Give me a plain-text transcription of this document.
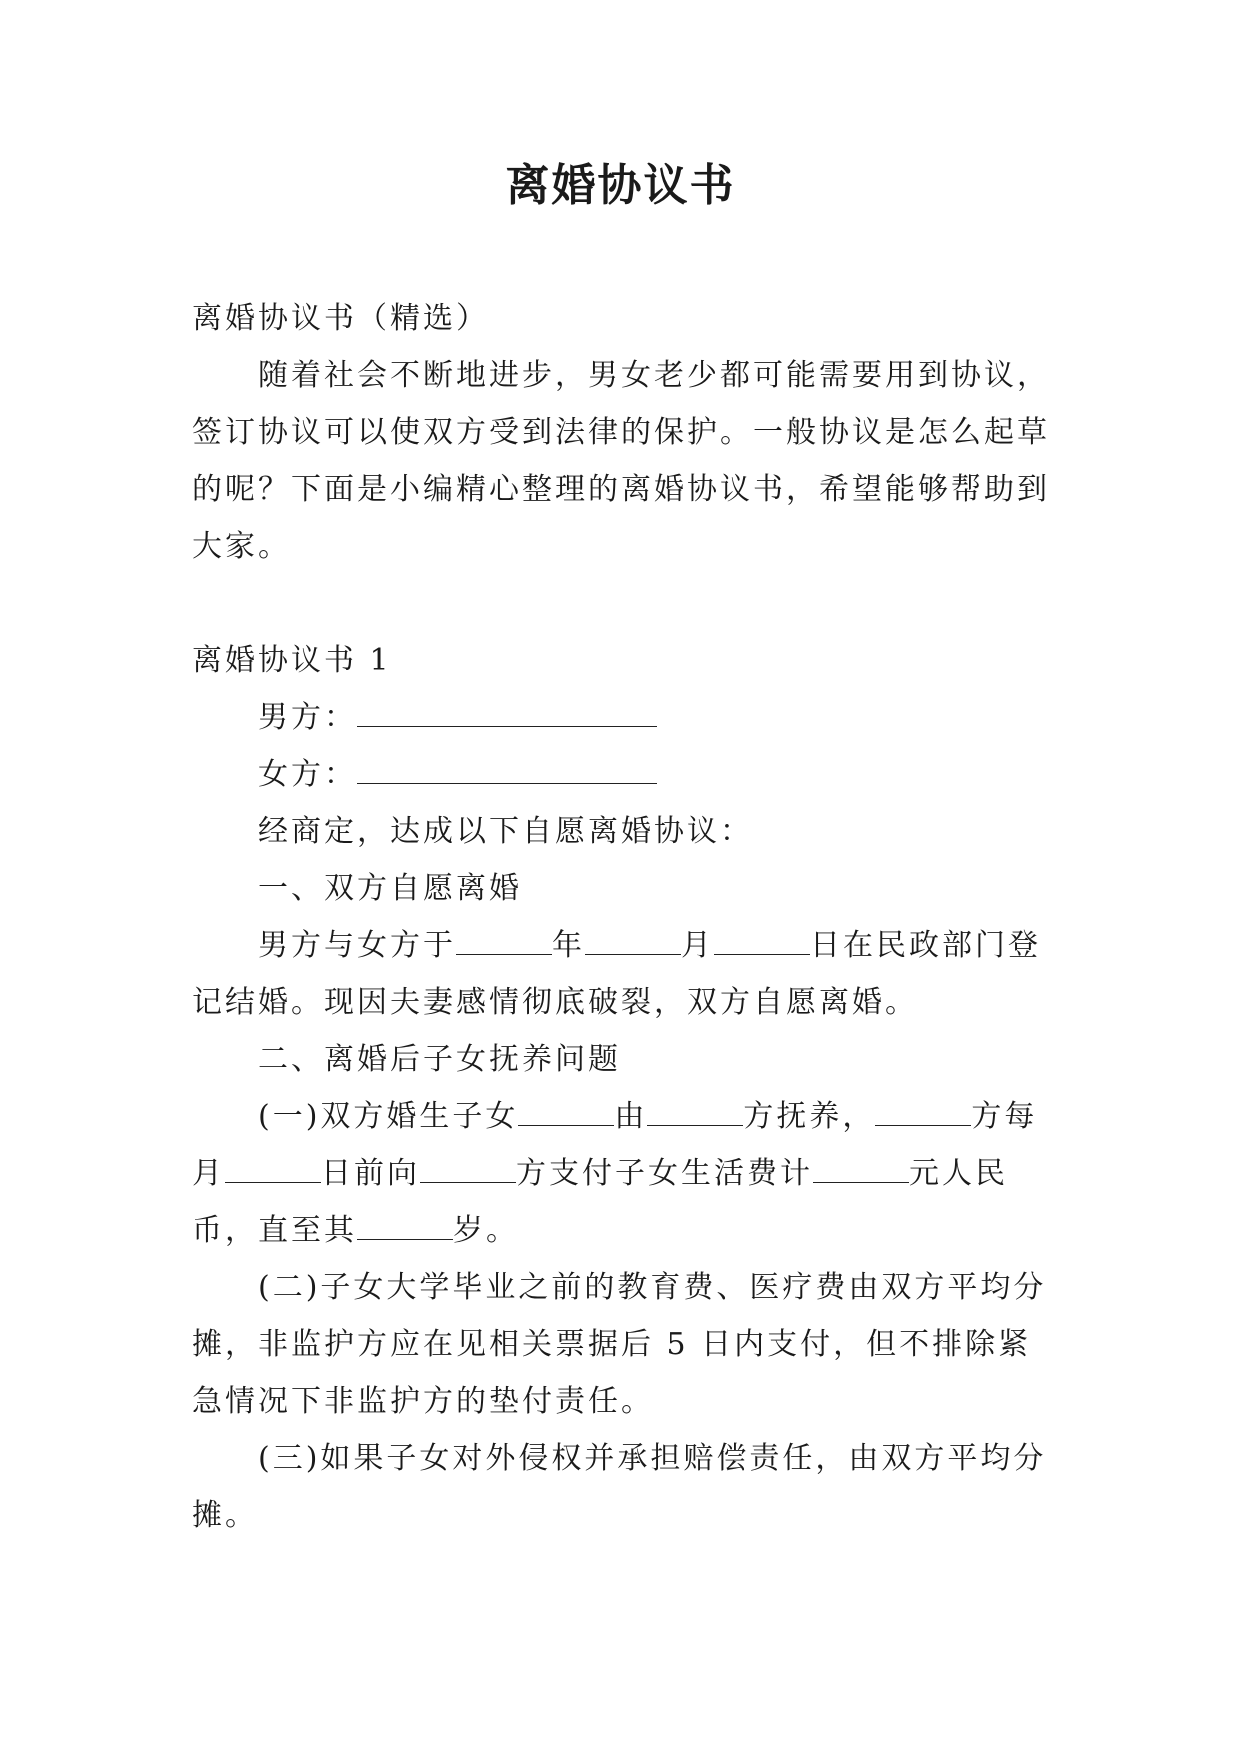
离婚协议书

离婚协议书（精选）

随着社会不断地进步，男女老少都可能需要用到协议，签订协议可以使双方受到法律的保护。一般协议是怎么起草的呢？下面是小编精心整理的离婚协议书，希望能够帮助到大家。

离婚协议书 1

男方：

女方：

经商定，达成以下自愿离婚协议：

一、双方自愿离婚

男方与女方于	年	月	日在民政部门登记结婚。现因夫妻感情彻底破裂，双方自愿离婚。

二、离婚后子女抚养问题

(一)双方婚生子女	由	方抚养，	方每月	日前向	方支付子女生活费计	元人民币，直至其	岁。

(二)子女大学毕业之前的教育费、医疗费由双方平均分摊，非监护方应在见相关票据后 5 日内支付，但不排除紧急情况下非监护方的垫付责任。

(三)如果子女对外侵权并承担赔偿责任，由双方平均分摊。
